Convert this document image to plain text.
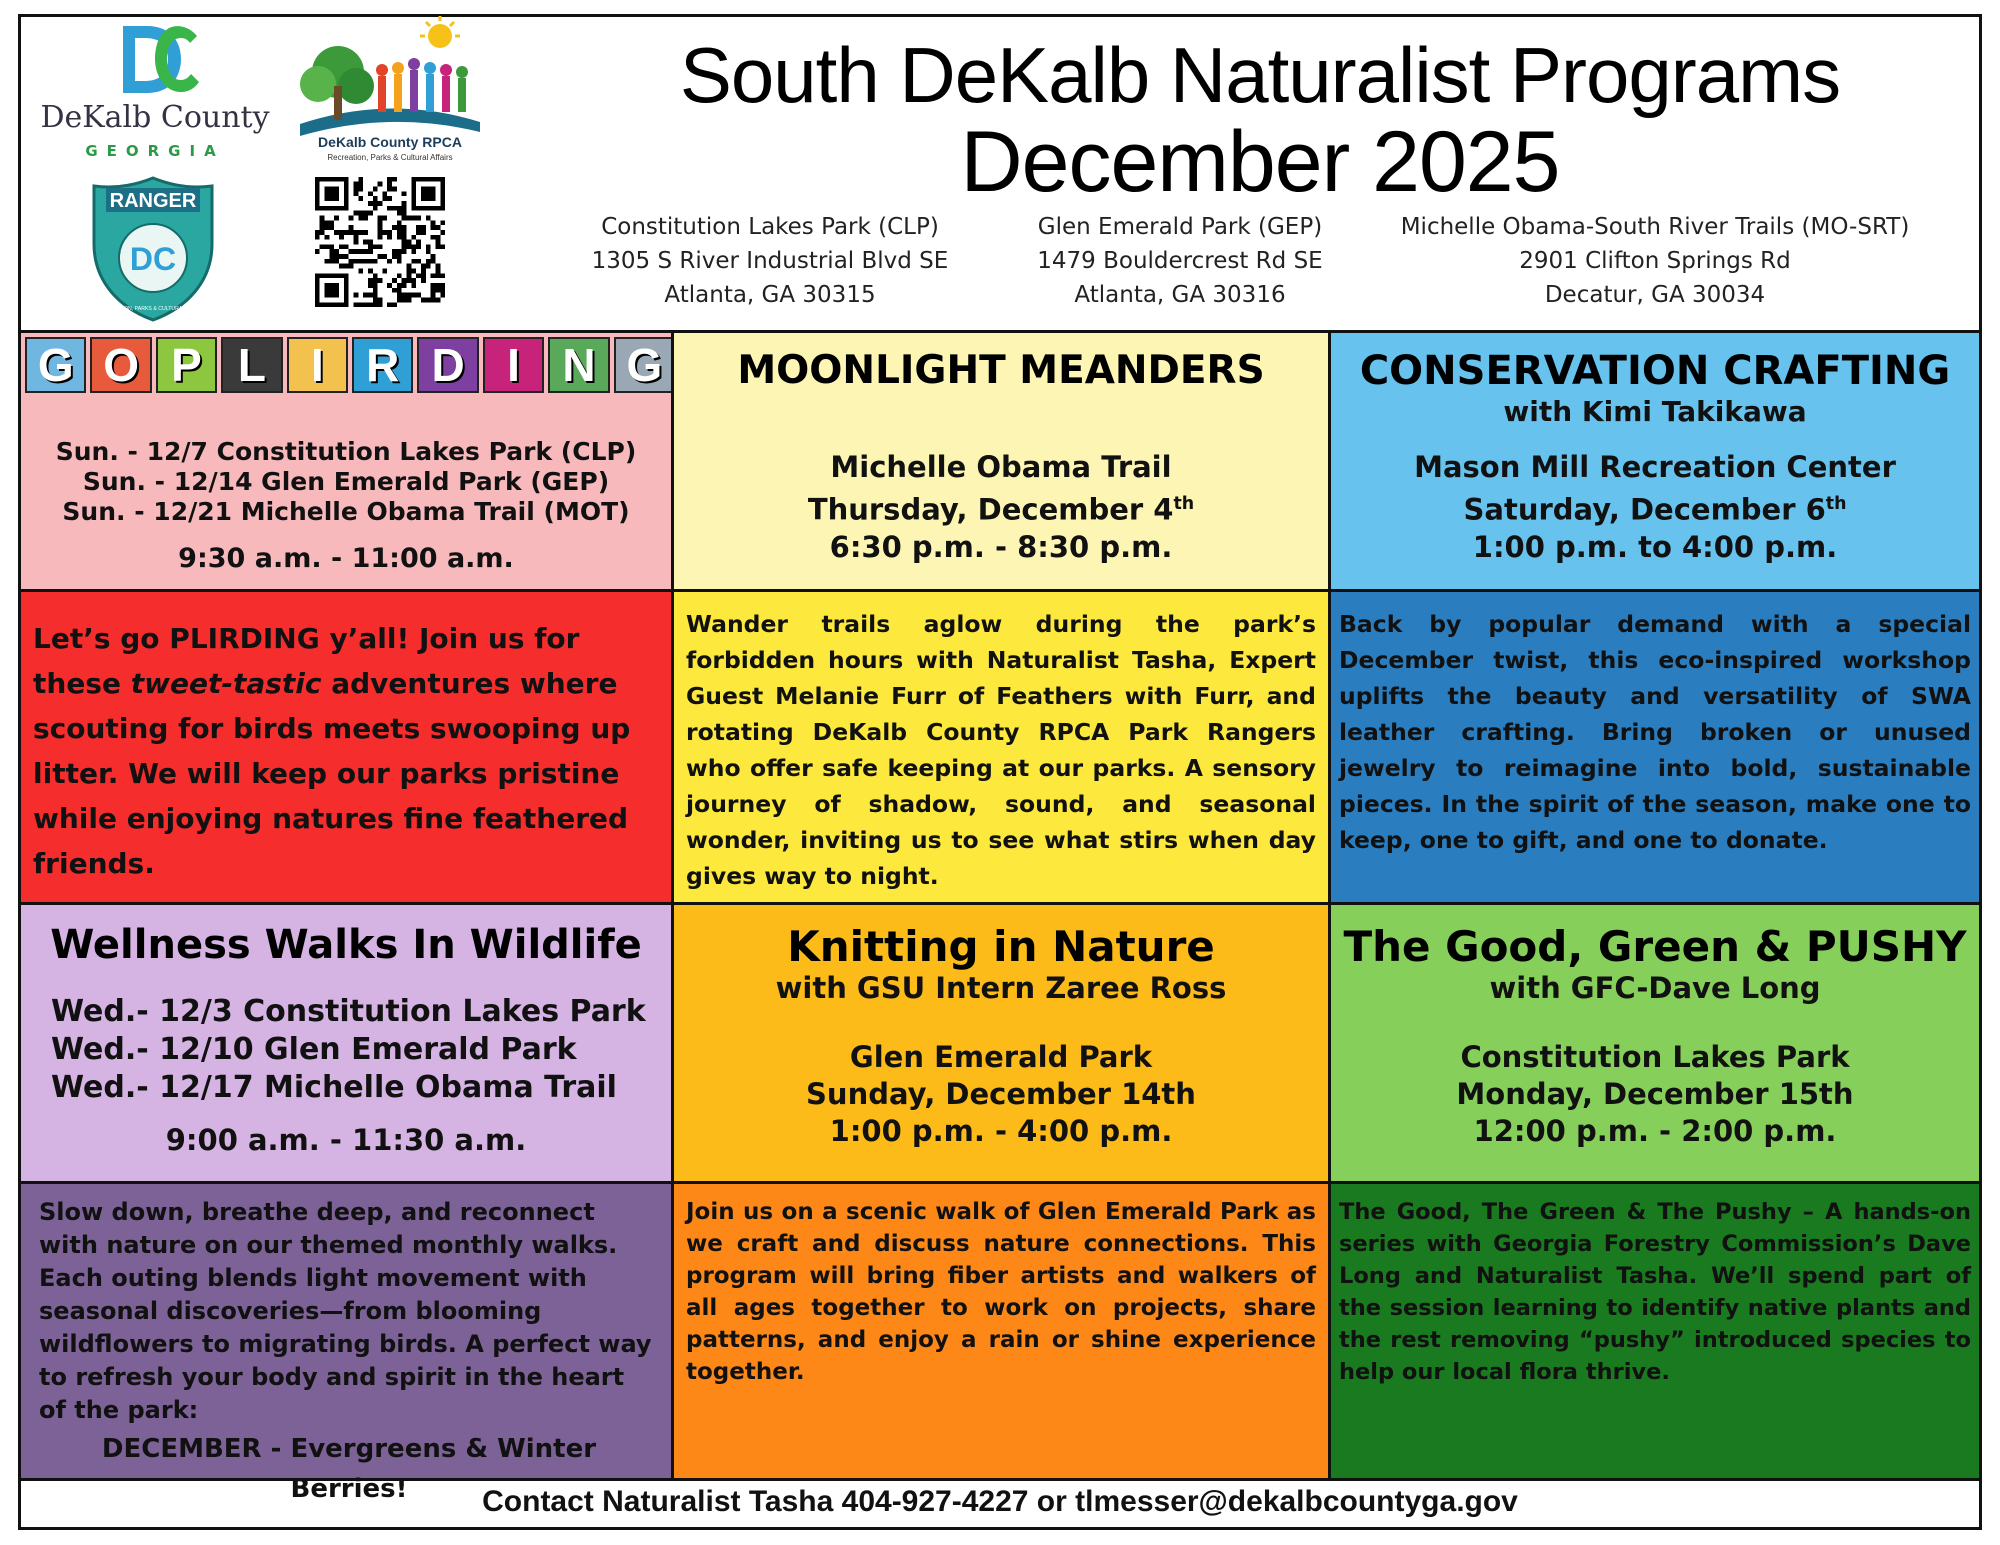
DeKalb County
GEORGIA	DeKalb County RPCA
Recreation, Parks & Cultural Affairs
RANGER
DC
RECREATION, PARKS & CULTURAL AFFAIRS
South DeKalb Naturalist Programs
December 2025
Constitution Lakes Park (CLP)
1305 S River Industrial Blvd SE
Atlanta, GA 30315
Glen Emerald Park (GEP)
1479 Bouldercrest Rd SE
Atlanta, GA 30316
Michelle Obama-South River Trails (MO-SRT)
2901 Clifton Springs Rd
Decatur, GA 30034
G O P L I R D I N G
Sun. - 12/7 Constitution Lakes Park (CLP)
Sun. - 12/14 Glen Emerald Park (GEP)
Sun. - 12/21 Michelle Obama Trail (MOT)
9:30 a.m. - 11:00 a.m.
MOONLIGHT MEANDERS
Michelle Obama Trail
Thursday, December 4th
6:30 p.m. - 8:30 p.m.
CONSERVATION CRAFTING
with Kimi Takikawa
Mason Mill Recreation Center
Saturday, December 6th
1:00 p.m. to 4:00 p.m.

Let’s go PLIRDING y’all! Join us for these tweet-tastic adventures where scouting for birds meets swooping up litter. We will keep our parks pristine while enjoying natures fine feathered friends.

Wander trails aglow during the park’s forbidden hours with Naturalist Tasha, Expert Guest Melanie Furr of Feathers with Furr, and rotating DeKalb County RPCA Park Rangers who offer safe keeping at our parks. A sensory journey of shadow, sound, and seasonal wonder, inviting us to see what stirs when day gives way to night.

Back by popular demand with a special December twist, this eco-inspired workshop uplifts the beauty and versatility of SWA leather crafting. Bring broken or unused jewelry to reimagine into bold, sustainable pieces. In the spirit of the season, make one to keep, one to gift, and one to donate.

Wellness Walks In Wildlife
Wed.- 12/3 Constitution Lakes Park
Wed.- 12/10 Glen Emerald Park
Wed.- 12/17 Michelle Obama Trail
9:00 a.m. - 11:30 a.m.
Knitting in Nature
with GSU Intern Zaree Ross
Glen Emerald Park
Sunday, December 14th
1:00 p.m. - 4:00 p.m.
The Good, Green & PUSHY
with GFC-Dave Long
Constitution Lakes Park
Monday, December 15th
12:00 p.m. - 2:00 p.m.

Slow down, breathe deep, and reconnect with nature on our themed monthly walks. Each outing blends light movement with seasonal discoveries—from blooming wildflowers to migrating birds. A perfect way to refresh your body and spirit in the heart of the park:

DECEMBER - Evergreens & Winter Berries!

Join us on a scenic walk of Glen Emerald Park as we craft and discuss nature connections. This program will bring fiber artists and walkers of all ages together to work on projects, share patterns, and enjoy a rain or shine experience together.

The Good, The Green & The Pushy – A hands-on series with Georgia Forestry Commission’s Dave Long and Naturalist Tasha. We’ll spend part of the session learning to identify native plants and the rest removing “pushy” introduced species to help our local flora thrive.

Contact Naturalist Tasha 404-927-4227 or tlmesser@dekalbcountyga.gov
